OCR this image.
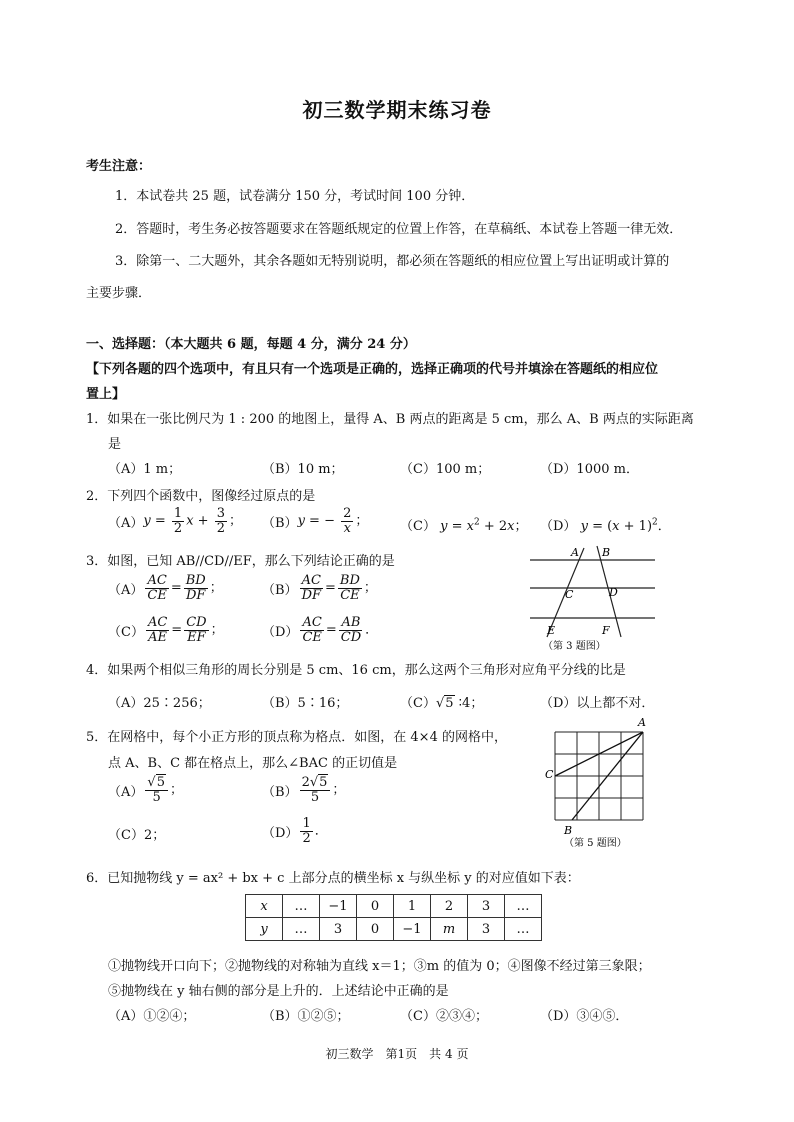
初三数学期末练习卷
考生注意：
1．本试卷共 25 题，试卷满分 150 分，考试时间 100 分钟．
2．答题时，考生务必按答题要求在答题纸规定的位置上作答，在草稿纸、本试卷上答题一律无效．
3．除第一、二大题外，其余各题如无特别说明，都必须在答题纸的相应位置上写出证明或计算的
主要步骤．
一、选择题：（本大题共 6 题，每题 4 分，满分 24 分）
【下列各题的四个选项中，有且只有一个选项是正确的，选择正确项的代号并填涂在答题纸的相应位
置上】
1．如果在一张比例尺为 1 : 200 的地图上，量得 A、B 两点的距离是 5 cm，那么 A、B 两点的实际距离
是
（A）1 m；	（B）10 m；	（C）100 m；	（D）1000 m．
2．下列四个函数中，图像经过原点的是
（A） $y = \frac{1}{2}$ $x + \frac{3}{2}$ ； （B） y = − $\frac{2}{x}$ ； （C） $y = x^2 + 2x$； （D） $y = (x + 1)^2$．
3．如图，已知 AB//CD//EF，那么下列结论正确的是
$(A) \frac{AC}{CE} = \frac{BD}{DF}$ ；	$(B) \frac{AC}{DF} = \frac{BD}{CE}$ ；
$(C) \frac{AC}{AE} = \frac{CD}{EF}$ ；	$(D) \frac{AC}{CE} = \frac{AB}{CD}$ ．
A B
C	D
E	F
（第 3 题图）
4．如果两个相似三角形的周长分别是 5 cm、16 cm，那么这两个三角形对应角平分线的比是
（A）25∶256；	（B）5∶16；	（C）√5 ∶4；	（D）以上都不对．
5．在网格中，每个小正方形的顶点称为格点．如图，在 4×4 的网格中，
点 A、B、C 都在格点上，那么∠BAC 的正切值是
$(A) \frac{√5}{5}$ ；	$(B) \frac{2√5}{5}$ ；
（C）2；	$(D) \frac{1}{2}$ ．
A
B
C
（第 5 题图）
6．已知抛物线 y = ax² + bx + c 上部分点的横坐标 x 与纵坐标 y 的对应值如下表：
x	…	−1	0	1	2	3	…
y	…	3	0	−1	m	3	…
①抛物线开口向下；②抛物线的对称轴为直线 x＝1；③m 的值为 0；④图像不经过第三象限；
⑤抛物线在 y 轴右侧的部分是上升的．上述结论中正确的是
（A）①②④；	（B）①②⑤；	（C）②③④；	（D）③④⑤．
初三数学　第1页　共 4 页
